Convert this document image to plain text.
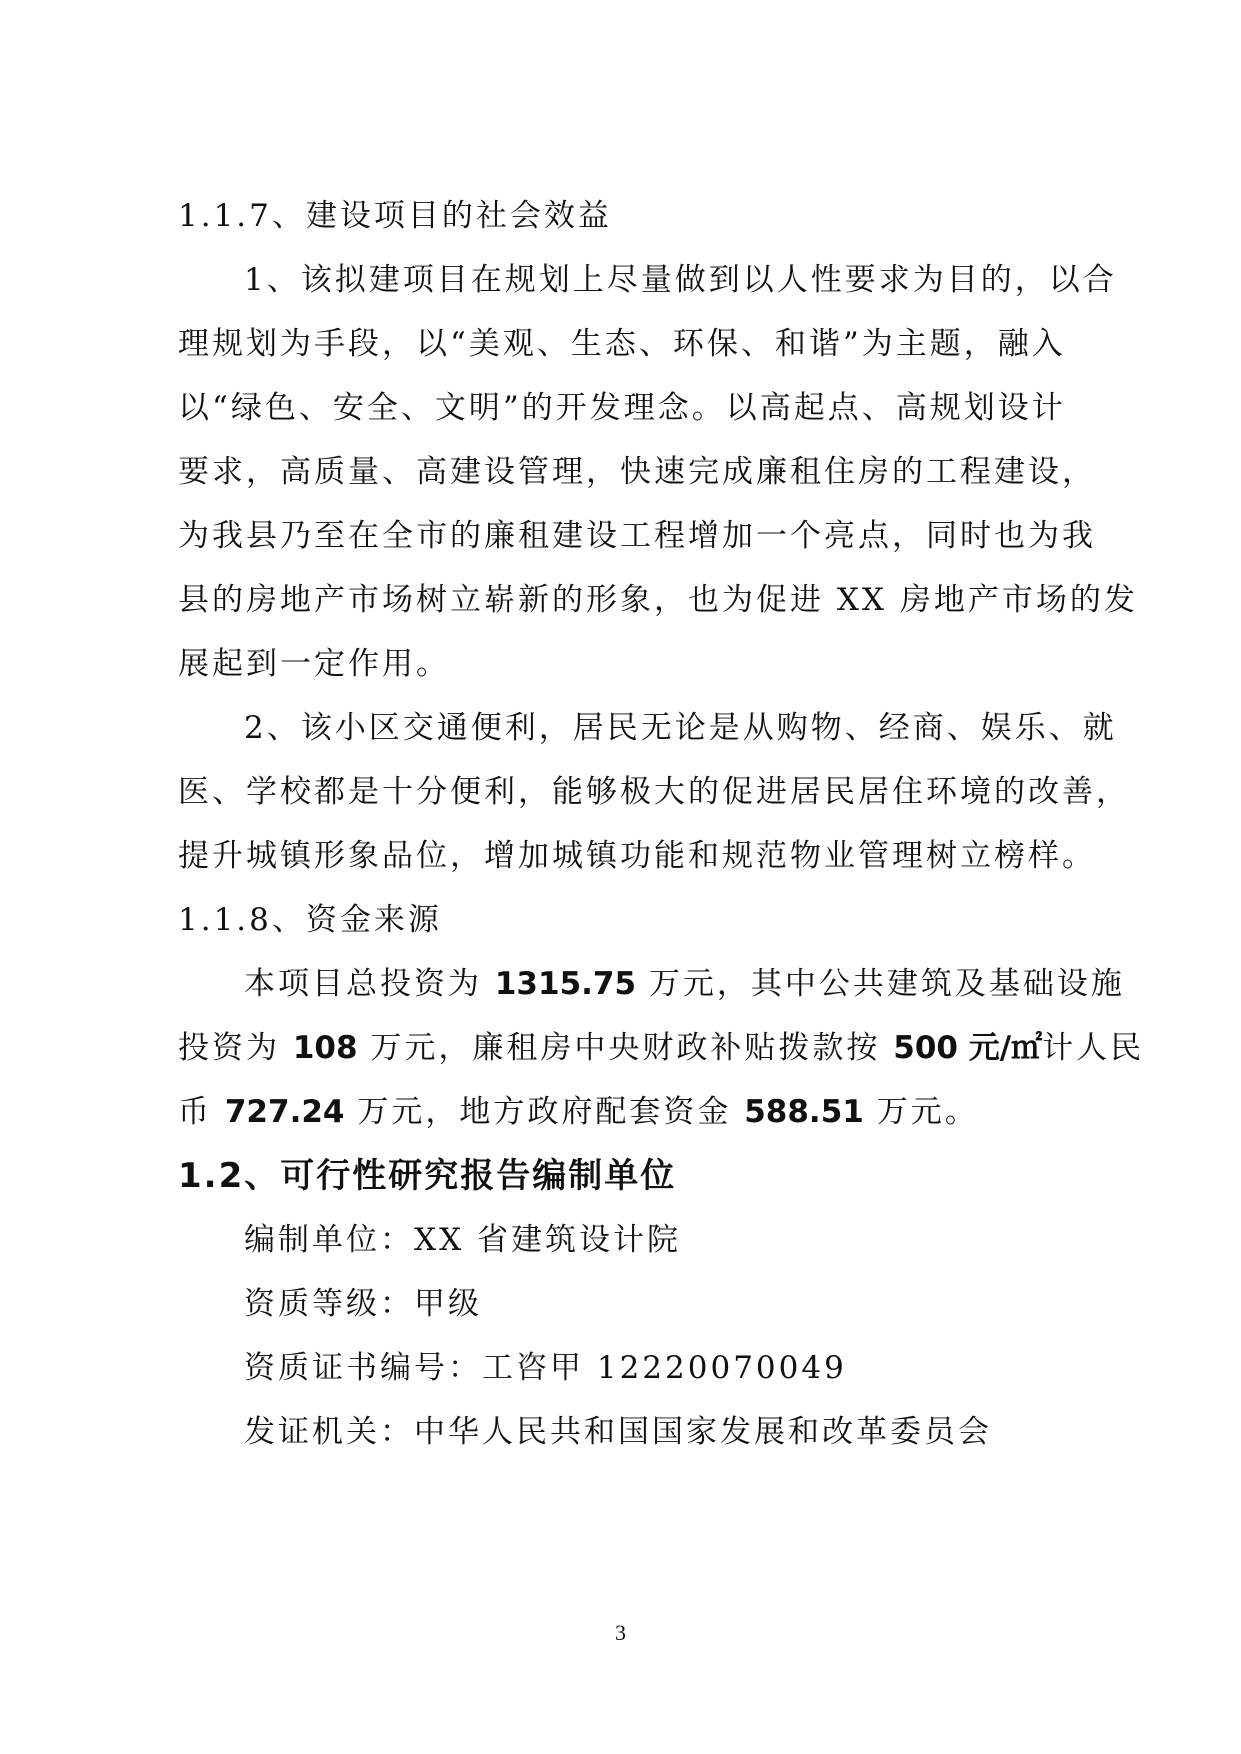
1.1.7、建设项目的社会效益
1、该拟建项目在规划上尽量做到以人性要求为目的，以合
理规划为手段，以“美观、生态、环保、和谐”为主题，融入
以“绿色、安全、文明”的开发理念。以高起点、高规划设计
要求，高质量、高建设管理，快速完成廉租住房的工程建设，
为我县乃至在全市的廉租建设工程增加一个亮点，同时也为我
县的房地产市场树立崭新的形象，也为促进 XX 房地产市场的发
展起到一定作用。
2、该小区交通便利，居民无论是从购物、经商、娱乐、就
医、学校都是十分便利，能够极大的促进居民居住环境的改善，
提升城镇形象品位，增加城镇功能和规范物业管理树立榜样。
1.1.8、资金来源
本项目总投资为 1315.75 万元，其中公共建筑及基础设施
投资为 108 万元，廉租房中央财政补贴拨款按 500 元/㎡计人民
币 727.24 万元，地方政府配套资金 588.51 万元。
1.2、可行性研究报告编制单位
编制单位：XX 省建筑设计院
资质等级：甲级
资质证书编号：工咨甲 12220070049
发证机关：中华人民共和国国家发展和改革委员会
3
